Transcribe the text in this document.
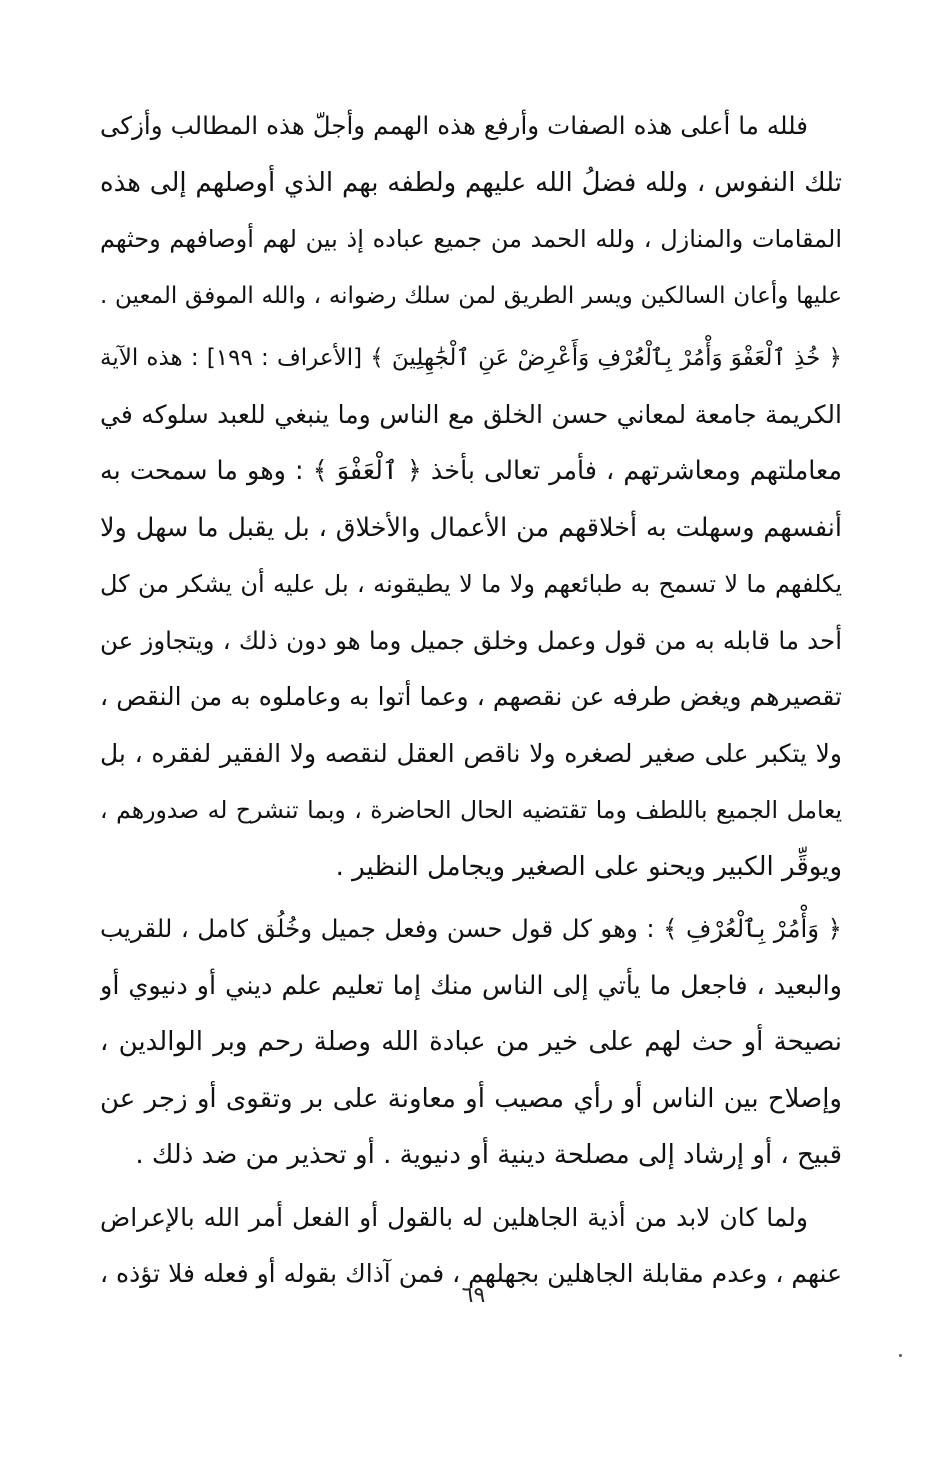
فلله ما أعلى هذه الصفات وأرفع هذه الهمم وأجلّ هذه المطالب وأزكى
تلك النفوس ، ولله فضلُ الله عليهم ولطفه بهم الذي أوصلهم إلى هذه
المقامات والمنازل ، ولله الحمد من جميع عباده إذ بين لهم أوصافهم وحثهم
عليها وأعان السالكين ويسر الطريق لمن سلك رضوانه ، والله الموفق المعين .
﴿ خُذِ ٱلْعَفْوَ وَأْمُرْ بِٱلْعُرْفِ وَأَعْرِضْ عَنِ ٱلْجَٰهِلِينَ ﴾ [الأعراف : ١٩٩] : هذه الآية
الكريمة جامعة لمعاني حسن الخلق مع الناس وما ينبغي للعبد سلوكه في
معاملتهم ومعاشرتهم ، فأمر تعالى بأخذ ﴿ ٱلْعَفْوَ ﴾ : وهو ما سمحت به
أنفسهم وسهلت به أخلاقهم من الأعمال والأخلاق ، بل يقبل ما سهل ولا
يكلفهم ما لا تسمح به طبائعهم ولا ما لا يطيقونه ، بل عليه أن يشكر من كل
أحد ما قابله به من قول وعمل وخلق جميل وما هو دون ذلك ، ويتجاوز عن
تقصيرهم ويغض طرفه عن نقصهم ، وعما أتوا به وعاملوه به من النقص ،
ولا يتكبر على صغير لصغره ولا ناقص العقل لنقصه ولا الفقير لفقره ، بل
يعامل الجميع باللطف وما تقتضيه الحال الحاضرة ، وبما تنشرح له صدورهم ،
ويوقِّر الكبير ويحنو على الصغير ويجامل النظير .
﴿ وَأْمُرْ بِٱلْعُرْفِ ﴾ : وهو كل قول حسن وفعل جميل وخُلُق كامل ، للقريب
والبعيد ، فاجعل ما يأتي إلى الناس منك إما تعليم علم ديني أو دنيوي أو
نصيحة أو حث لهم على خير من عبادة الله وصلة رحم وبر الوالدين ،
وإصلاح بين الناس أو رأي مصيب أو معاونة على بر وتقوى أو زجر عن
قبيح ، أو إرشاد إلى مصلحة دينية أو دنيوية . أو تحذير من ضد ذلك .
ولما كان لابد من أذية الجاهلين له بالقول أو الفعل أمر الله بالإعراض
عنهم ، وعدم مقابلة الجاهلين بجهلهم ، فمن آذاك بقوله أو فعله فلا تؤذه ،
٦٩
